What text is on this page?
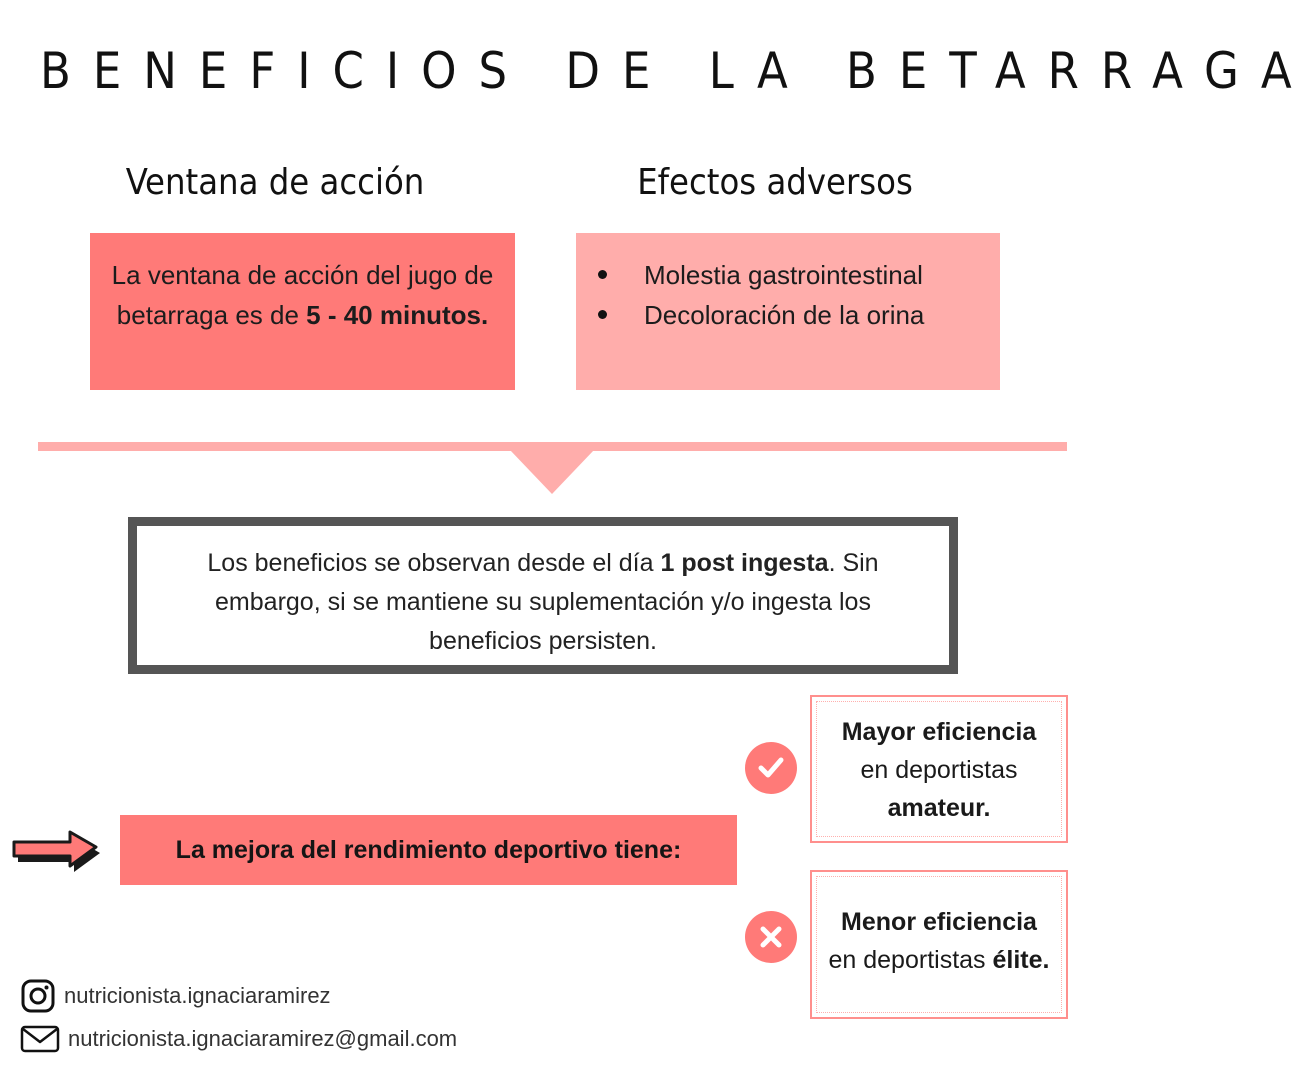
BENEFICIOS DE LA BETARRAGA
Ventana de acción	Efectos adversos
La ventana de acción del jugo de betarraga es de 5 - 40 minutos.
Molestia gastrointestinal
Decoloración de la orina
Los beneficios se observan desde el día 1 post ingesta. Sin embargo, si se mantiene su suplementación y/o ingesta los beneficios persisten.
La mejora del rendimiento deportivo tiene:
Mayor eficiencia
en deportistas
amateur.
Menor eficiencia
en deportistas élite.
nutricionista.ignaciaramirez
nutricionista.ignaciaramirez@gmail.com
